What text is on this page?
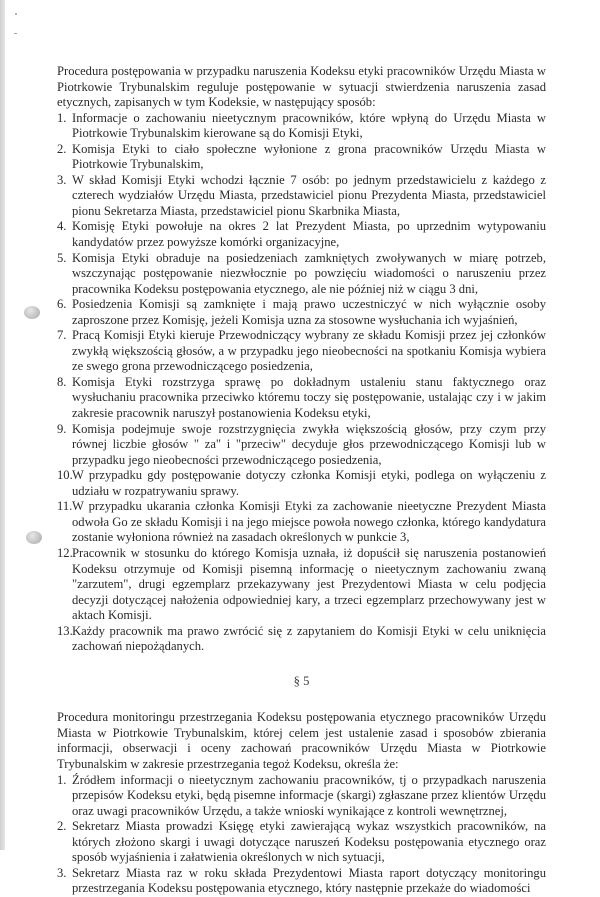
Procedura postępowania w przypadku naruszenia Kodeksu etyki pracowników Urzędu Miasta w Piotrkowie Trybunalskim reguluje postępowanie w sytuacji stwierdzenia naruszenia zasad etycznych, zapisanych w tym Kodeksie, w następujący sposób:

1. Informacje o zachowaniu nieetycznym pracowników, które wpłyną do Urzędu Miasta w Piotrkowie Trybunalskim kierowane są do Komisji Etyki,
2. Komisja Etyki to ciało społeczne wyłonione z grona pracowników Urzędu Miasta w Piotrkowie Trybunalskim,
3. W skład Komisji Etyki wchodzi łącznie 7 osób: po jednym przedstawicielu z każdego z czterech wydziałów Urzędu Miasta, przedstawiciel pionu Prezydenta Miasta, przedstawiciel pionu Sekretarza Miasta, przedstawiciel pionu Skarbnika Miasta,
4. Komisję Etyki powołuje na okres 2 lat Prezydent Miasta, po uprzednim wytypowaniu kandydatów przez powyższe komórki organizacyjne,
5. Komisja Etyki obraduje na posiedzeniach zamkniętych zwoływanych w miarę potrzeb, wszczynając postępowanie niezwłocznie po powzięciu wiadomości o naruszeniu przez pracownika Kodeksu postępowania etycznego, ale nie później niż w ciągu 3 dni,
6. Posiedzenia Komisji są zamknięte i mają prawo uczestniczyć w nich wyłącznie osoby zaproszone przez Komisję, jeżeli Komisja uzna za stosowne wysłuchania ich wyjaśnień,
7. Pracą Komisji Etyki kieruje Przewodniczący wybrany ze składu Komisji przez jej członków zwykłą większością głosów, a w przypadku jego nieobecności na spotkaniu Komisja wybiera ze swego grona przewodniczącego posiedzenia,
8. Komisja Etyki rozstrzyga sprawę po dokładnym ustaleniu stanu faktycznego oraz wysłuchaniu pracownika przeciwko któremu toczy się postępowanie, ustalając czy i w jakim zakresie pracownik naruszył postanowienia Kodeksu etyki,
9. Komisja podejmuje swoje rozstrzygnięcia zwykła większością głosów, przy czym przy równej liczbie głosów " za" i "przeciw" decyduje głos przewodniczącego Komisji lub w przypadku jego nieobecności przewodniczącego posiedzenia,
10. W przypadku gdy postępowanie dotyczy członka Komisji etyki, podlega on wyłączeniu z udziału w rozpatrywaniu sprawy.
11. W przypadku ukarania członka Komisji Etyki za zachowanie nieetyczne Prezydent Miasta odwoła Go ze składu Komisji i na jego miejsce powoła nowego członka, którego kandydatura zostanie wyłoniona również na zasadach określonych w punkcie 3,
12. Pracownik w stosunku do którego Komisja uznała, iż dopuścił się naruszenia postanowień Kodeksu otrzymuje od Komisji pisemną informację o nieetycznym zachowaniu zwaną "zarzutem", drugi egzemplarz przekazywany jest Prezydentowi Miasta w celu podjęcia decyzji dotyczącej nałożenia odpowiedniej kary, a trzeci egzemplarz przechowywany jest w aktach Komisji.
13. Każdy pracownik ma prawo zwrócić się z zapytaniem do Komisji Etyki w celu uniknięcia zachowań niepożądanych.
§ 5

Procedura monitoringu przestrzegania Kodeksu postępowania etycznego pracowników Urzędu Miasta w Piotrkowie Trybunalskim, której celem jest ustalenie zasad i sposobów zbierania informacji, obserwacji i oceny zachowań pracowników Urzędu Miasta w Piotrkowie Trybunalskim w zakresie przestrzegania tegoż Kodeksu, określa że:

1. Źródłem informacji o nieetycznym zachowaniu pracowników, tj o przypadkach naruszenia przepisów Kodeksu etyki, będą pisemne informacje (skargi) zgłaszane przez klientów Urzędu oraz uwagi pracowników Urzędu, a także wnioski wynikające z kontroli wewnętrznej,
2. Sekretarz Miasta prowadzi Księgę etyki zawierającą wykaz wszystkich pracowników, na których złożono skargi i uwagi dotyczące naruszeń Kodeksu postępowania etycznego oraz sposób wyjaśnienia i załatwienia określonych w nich sytuacji,
3. Sekretarz Miasta raz w roku składa Prezydentowi Miasta raport dotyczący monitoringu przestrzegania Kodeksu postępowania etycznego, który następnie przekaże do wiadomości
